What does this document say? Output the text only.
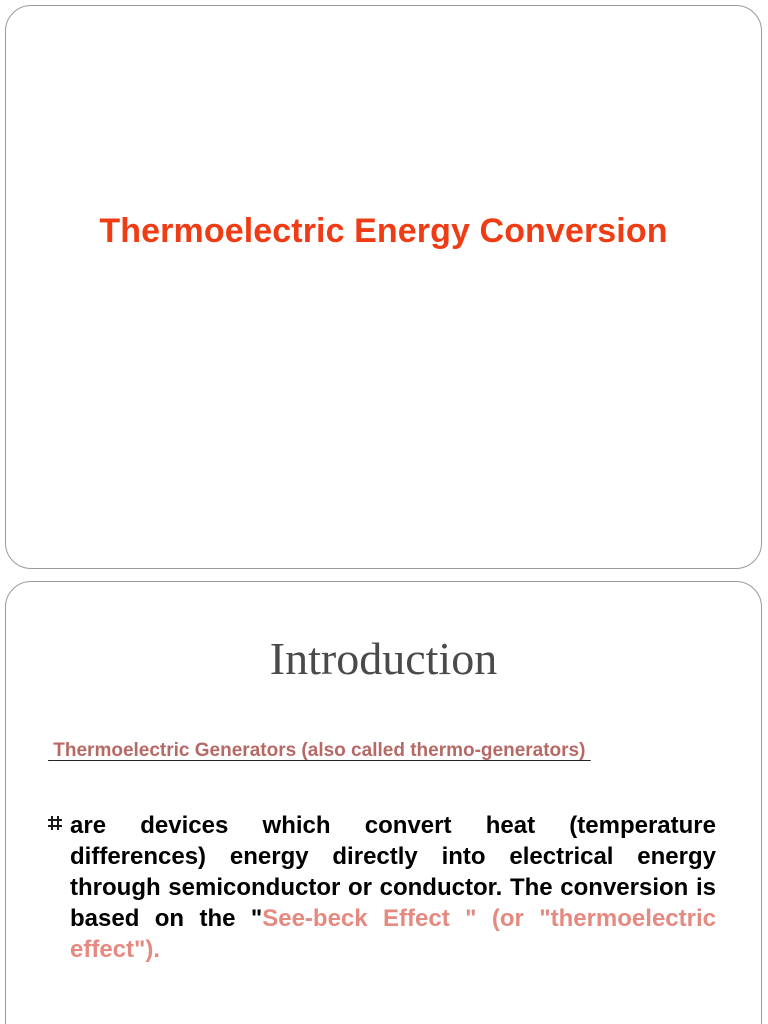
Thermoelectric Energy Conversion
Introduction
Thermoelectric Generators (also called thermo-generators)
are devices which convert heat (temperature differences) energy directly into electrical energy through semiconductor or conductor. The conversion is based on the "See-beck Effect " (or "thermoelectric effect").
